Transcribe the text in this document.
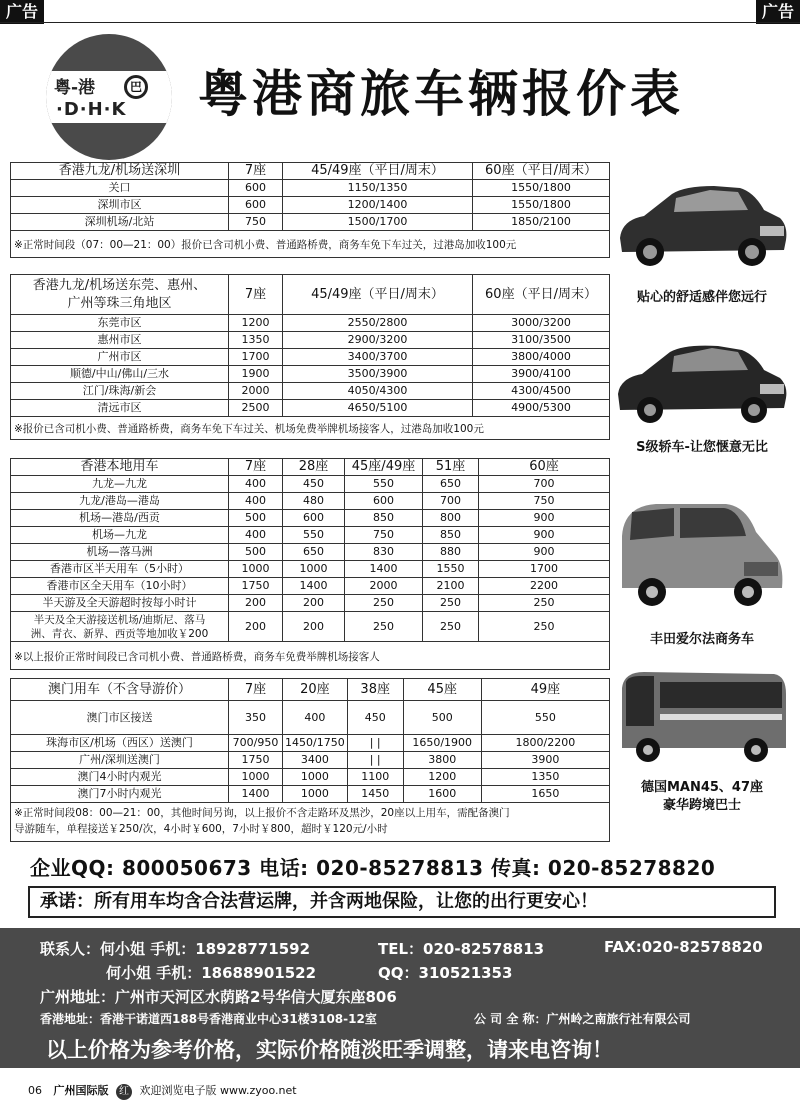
广告	广告
粤-港	巴
·D·H·K 粤港商旅车辆报价表
香港九龙/机场送深圳	7座	45/49座（平日/周末）	60座（平日/周末）
关口	600	1150/1350	1550/1800
深圳市区	600	1200/1400	1550/1800
深圳机场/北站	750	1500/1700	1850/2100
※正常时间段（07：00—21：00）报价已含司机小费、普通路桥费，商务车免下车过关，过港岛加收100元
香港九龙/机场送东莞、惠州、
广州等珠三角地区	7座	45/49座（平日/周末）	60座（平日/周末）
东莞市区	1200	2550/2800	3000/3200
惠州市区	1350	2900/3200	3100/3500
广州市区	1700	3400/3700	3800/4000
顺德/中山/佛山/三水	1900	3500/3900	3900/4100
江门/珠海/新会	2000	4050/4300	4300/4500
清远市区	2500	4650/5100	4900/5300
※报价已含司机小费、普通路桥费，商务车免下车过关、机场免费举牌机场接客人，过港岛加收100元
香港本地用车	7座	28座	45座/49座	51座	60座
九龙—九龙	400	450	550	650	700
九龙/港岛—港岛	400	480	600	700	750
机场—港岛/西贡	500	600	850	800	900
机场—九龙	400	550	750	850	900
机场—落马洲	500	650	830	880	900
香港市区半天用车（5小时）	1000	1000	1400	1550	1700
香港市区全天用车（10小时）	1750	1400	2000	2100	2200
半天游及全天游超时按每小时计	200	200	250	250	250
半天及全天游接送机场/迪斯尼、落马
洲、青衣、新界、西贡等地加收￥200	200	200	250	250	250
※以上报价正常时间段已含司机小费、普通路桥费，商务车免费举牌机场接客人
澳门用车（不含导游价）	7座	20座	38座	45座	49座
澳门市区接送	350	400	450	500	550
珠海市区/机场（西区）送澳门	700/950	1450/1750	| |	1650/1900	1800/2200
广州/深圳送澳门	1750	3400	| |	3800	3900
澳门4小时内观光	1000	1000	1100	1200	1350
澳门7小时内观光	1400	1000	1450	1600	1650
※正常时间段08：00—21：00，其他时间另询，以上报价不含走路环及黑沙，20座以上用车，需配备澳门
导游随车，单程接送￥250/次，4小时￥600，7小时￥800，超时￥120元/小时
贴心的舒适感伴您远行
S级轿车-让您惬意无比
丰田爱尔法商务车
德国MAN45、47座
豪华跨境巴士
企业QQ: 800050673 电话: 020-85278813 传真: 020-85278820
承诺：所有用车均含合法营运牌，并含两地保险，让您的出行更安心！
联系人：何小姐 手机：18928771592	TEL：020-82578813	FAX:020-82578820
何小姐 手机：18688901522	QQ：310521353
广州地址：广州市天河区水荫路2号华信大厦东座806
香港地址：香港干诺道西188号香港商业中心31楼3108-12室	公 司 全 称：广州岭之南旅行社有限公司
以上价格为参考价格，实际价格随淡旺季调整，请来电咨询！
06 广州国际版 红 欢迎浏览电子版 www.zyoo.net
